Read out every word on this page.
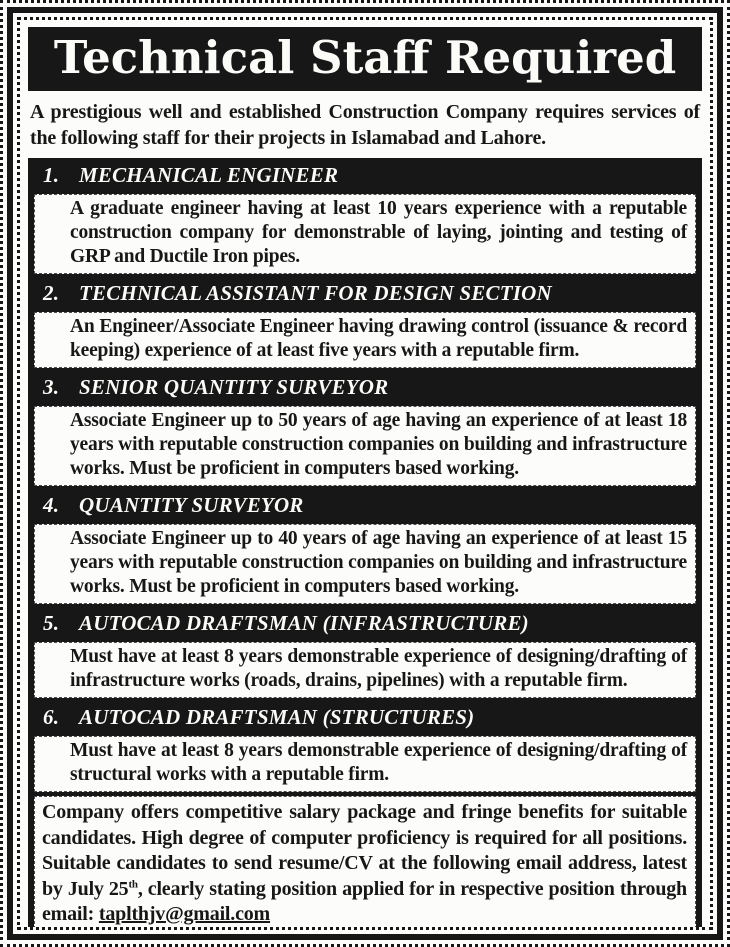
Technical Staff Required

A prestigious well and established Construction Company requires services of the following staff for their projects in Islamabad and Lahore.

1. MECHANICAL ENGINEER

A graduate engineer having at least 10 years experience with a reputable construction company for demonstrable of laying, jointing and testing of GRP and Ductile Iron pipes.

2. TECHNICAL ASSISTANT FOR DESIGN SECTION

An Engineer/Associate Engineer having drawing control (issuance & record keeping) experience of at least five years with a reputable firm.

3. SENIOR QUANTITY SURVEYOR

Associate Engineer up to 50 years of age having an experience of at least 18 years with reputable construction companies on building and infrastructure works. Must be proficient in computers based working.

4. QUANTITY SURVEYOR

Associate Engineer up to 40 years of age having an experience of at least 15 years with reputable construction companies on building and infrastructure works. Must be proficient in computers based working.

5. AUTOCAD DRAFTSMAN (INFRASTRUCTURE)

Must have at least 8 years demonstrable experience of designing/drafting of infrastructure works (roads, drains, pipelines) with a reputable firm.

6. AUTOCAD DRAFTSMAN (STRUCTURES)

Must have at least 8 years demonstrable experience of designing/drafting of structural works with a reputable firm.

Company offers competitive salary package and fringe benefits for suitable candidates. High degree of computer proficiency is required for all positions. Suitable candidates to send resume/CV at the following email address, latest by July 25th, clearly stating position applied for in respective position through email: taplthjv@gmail.com
